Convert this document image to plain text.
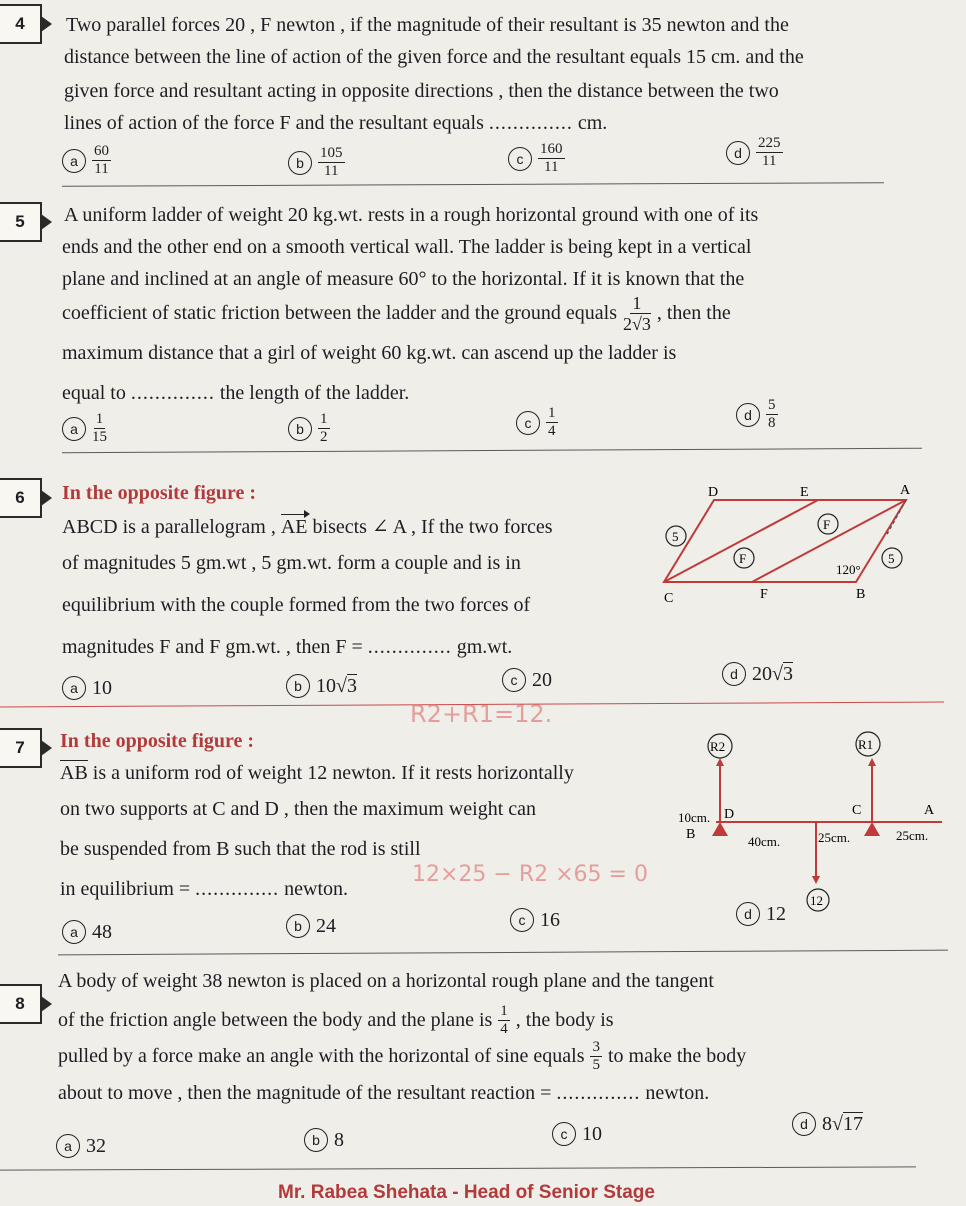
4	Two parallel forces 20 , F newton , if the magnitude of their resultant is 35 newton and the
distance between the line of action of the given force and the resultant equals 15 cm. and the
given force and resultant acting in opposite directions , then the distance between the two
lines of action of the force F and the resultant equals .............. cm.
a $\frac{60}{11}$	b $\frac{105}{11}$	c $\frac{160}{11}$	d $\frac{225}{11}$
5	A uniform ladder of weight 20 kg.wt. rests in a rough horizontal ground with one of its
ends and the other end on a smooth vertical wall. The ladder is being kept in a vertical
plane and inclined at an angle of measure 60° to the horizontal. If it is known that the
coefficient of static friction between the ladder and the ground equals $\frac{1}{2√3}$ , then the
maximum distance that a girl of weight 60 kg.wt. can ascend up the ladder is
equal to .............. the length of the ladder.
a $\frac{1}{15}$	b $\frac{1}{2}$	c $\frac{1}{4}$	d $\frac{5}{8}$
6	In the opposite figure :
ABCD is a parallelogram , AE bisects ∠ A , If the two forces
of magnitudes 5 gm.wt , 5 gm.wt. form a couple and is in
equilibrium with the couple formed from the two forces of
magnitudes F and F gm.wt. , then F = .............. gm.wt.
D	E	A
C	F	B
5
5
F
F
120°
a 10	b 10√3	c 20	d 20√3
7	In the opposite figure :
AB is a uniform rod of weight 12 newton. If it rests horizontally
on two supports at C and D , then the maximum weight can
be suspended from B such that the rod is still
in equilibrium = .............. newton.
R2	R1
12
D	C	A
B
10cm.
40cm.	25cm.	25cm.
R2+R1=12.
12×25 − R2 ×65 = 0
a 48	b 24	c 16	d 12
8
A body of weight 38 newton is placed on a horizontal rough plane and the tangent
of the friction angle between the body and the plane is $\frac{1}{4}$ , the body is
pulled by a force make an angle with the horizontal of sine equals $\frac{3}{5}$ to make the body
about to move , then the magnitude of the resultant reaction = .............. newton.
a 32	b 8	c 10	d 8√17
Mr. Rabea Shehata - Head of Senior Stage
